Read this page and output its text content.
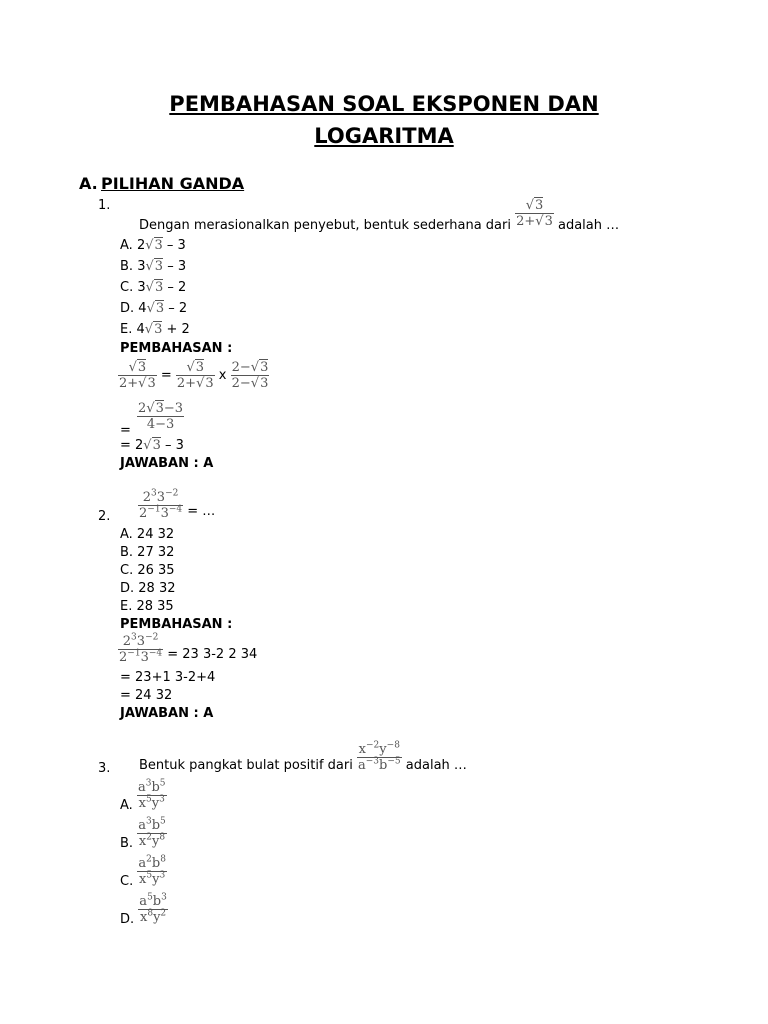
PEMBAHASAN SOAL EKSPONEN DAN
LOGARITMA
A. PILIHAN GANDA
1.
Dengan merasionalkan penyebut, bentuk sederhana dari $\frac{√3}{2+√3}$ adalah …
A. 2√3 – 3
B. 3√3 – 3
C. 3√3 – 2
D. 4√3 – 2
E. 4√3 + 2
PEMBAHASAN :
$\frac{√3}{2+√3} = \frac{√3}{2+√3}$ x $\frac{2-√3}{2-√3}$
= $\frac{2√3-3}{4-3}$
= 2√3 – 3
JAWABAN : A
2. $\frac{2^33^{-2}}{2^{-1}3^{-4}}$ = …
A. 24 32
B. 27 32
C. 26 35
D. 28 32
E. 28 35
PEMBAHASAN :
$\frac{2^33^{-2}}{2^{-1}3^{-4}} = 23$ 3-2 2 34
= 23+1 3-2+4
= 24 32
JAWABAN : A
3. Bentuk pangkat bulat positif dari $\frac{x^{-2}y^{-8}}{a^{-3}b^{-5}}$ adalah …
A. $\frac{a^3b^5}{x^5y^3}$
B. $\frac{a^3b^5}{x^2y^8}$
C. $\frac{a^2b^8}{x^5y^3}$
D. $\frac{a^5b^3}{x^8y^2}$
